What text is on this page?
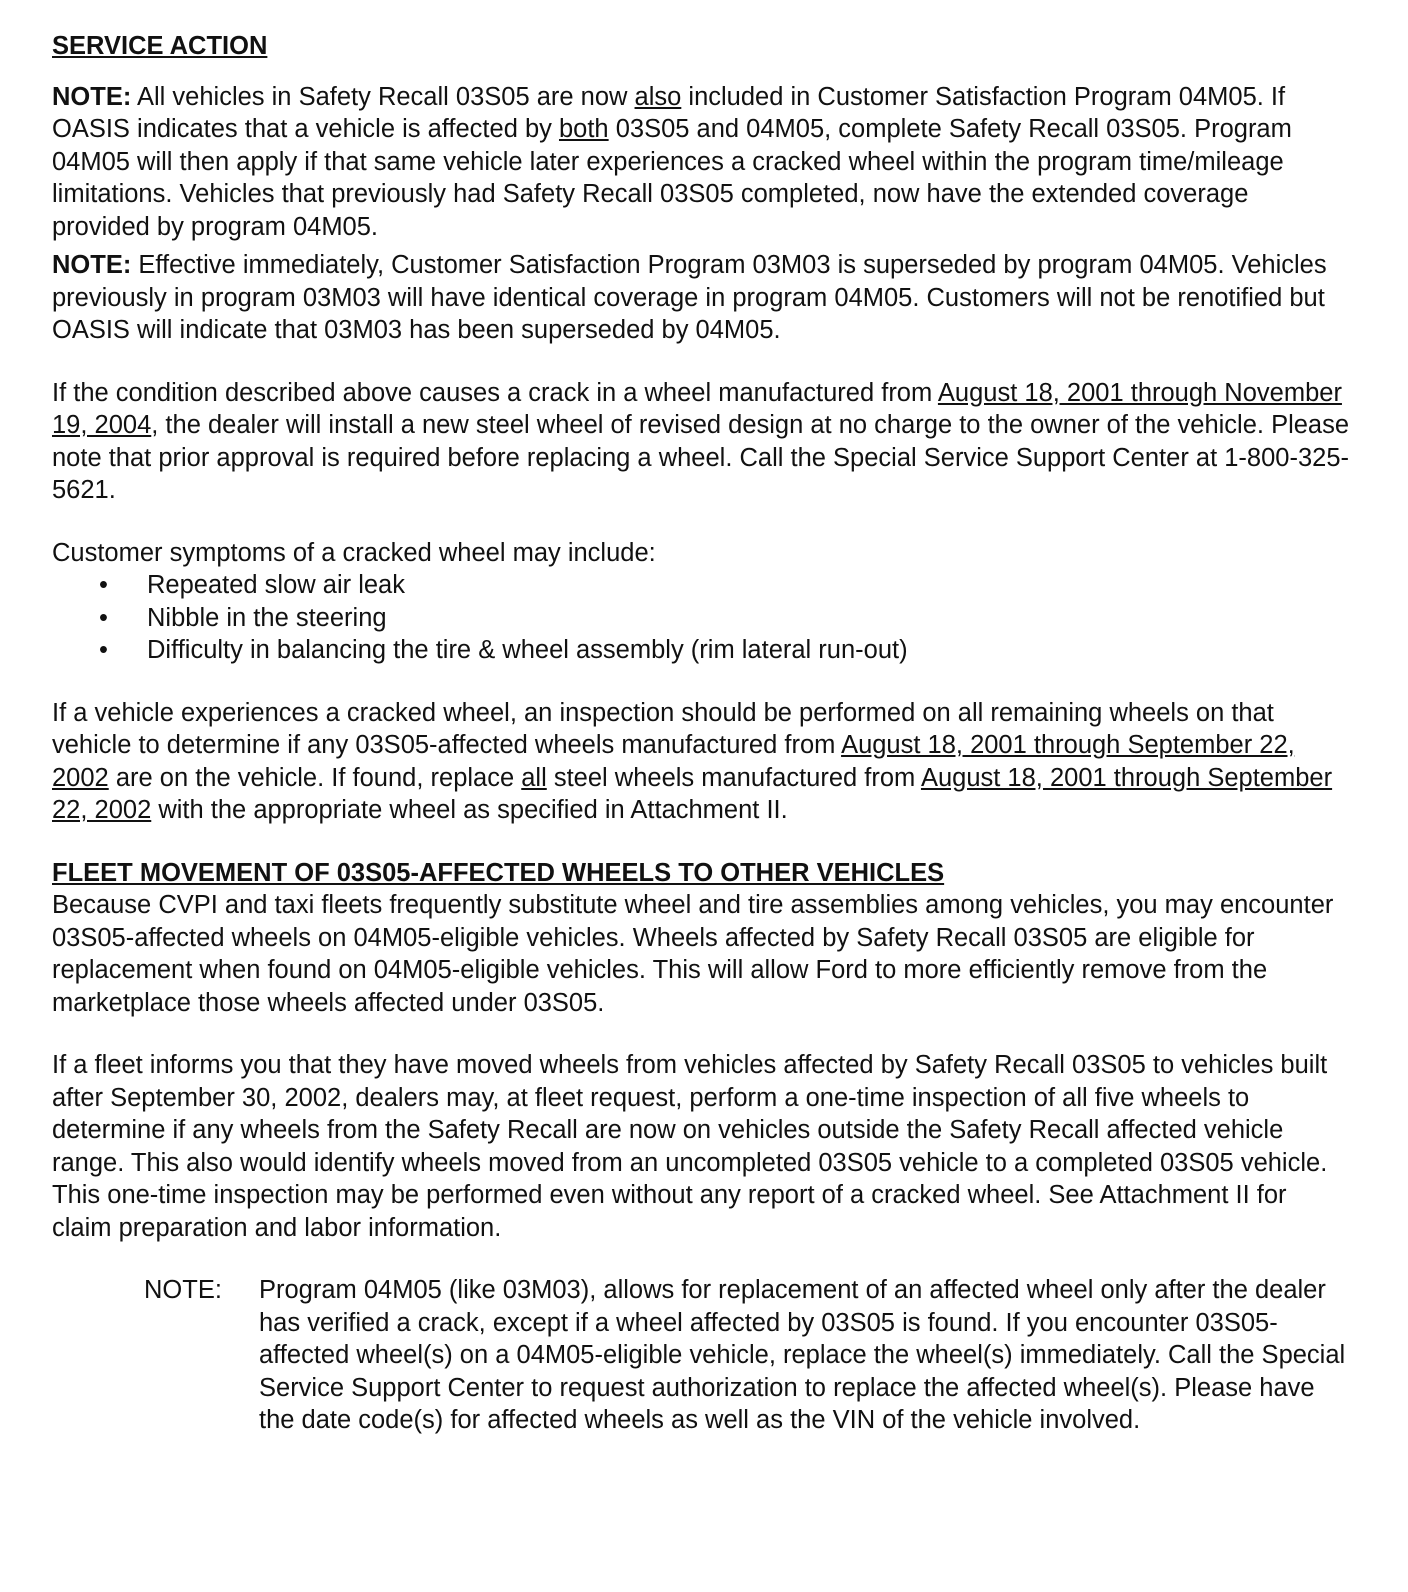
SERVICE ACTION

NOTE: All vehicles in Safety Recall 03S05 are now also included in Customer Satisfaction Program 04M05. If OASIS indicates that a vehicle is affected by both 03S05 and 04M05, complete Safety Recall 03S05. Program 04M05 will then apply if that same vehicle later experiences a cracked wheel within the program time/mileage limitations. Vehicles that previously had Safety Recall 03S05 completed, now have the extended coverage provided by program 04M05.

NOTE: Effective immediately, Customer Satisfaction Program 03M03 is superseded by program 04M05. Vehicles previously in program 03M03 will have identical coverage in program 04M05. Customers will not be renotified but OASIS will indicate that 03M03 has been superseded by 04M05.

If the condition described above causes a crack in a wheel manufactured from August 18, 2001 through November 19, 2004, the dealer will install a new steel wheel of revised design at no charge to the owner of the vehicle. Please note that prior approval is required before replacing a wheel. Call the Special Service Support Center at 1-800-325-5621.

Customer symptoms of a cracked wheel may include:

• Repeated slow air leak
• Nibble in the steering
• Difficulty in balancing the tire & wheel assembly (rim lateral run-out)

If a vehicle experiences a cracked wheel, an inspection should be performed on all remaining wheels on that vehicle to determine if any 03S05-affected wheels manufactured from August 18, 2001 through September 22, 2002 are on the vehicle. If found, replace all steel wheels manufactured from August 18, 2001 through September 22, 2002 with the appropriate wheel as specified in Attachment II.

FLEET MOVEMENT OF 03S05-AFFECTED WHEELS TO OTHER VEHICLES

Because CVPI and taxi fleets frequently substitute wheel and tire assemblies among vehicles, you may encounter 03S05-affected wheels on 04M05-eligible vehicles. Wheels affected by Safety Recall 03S05 are eligible for replacement when found on 04M05-eligible vehicles. This will allow Ford to more efficiently remove from the marketplace those wheels affected under 03S05.

If a fleet informs you that they have moved wheels from vehicles affected by Safety Recall 03S05 to vehicles built after September 30, 2002, dealers may, at fleet request, perform a one-time inspection of all five wheels to determine if any wheels from the Safety Recall are now on vehicles outside the Safety Recall affected vehicle range. This also would identify wheels moved from an uncompleted 03S05 vehicle to a completed 03S05 vehicle. This one-time inspection may be performed even without any report of a cracked wheel. See Attachment II for claim preparation and labor information.

NOTE:	Program 04M05 (like 03M03), allows for replacement of an affected wheel only after the dealer has verified a crack, except if a wheel affected by 03S05 is found. If you encounter 03S05-affected wheel(s) on a 04M05-eligible vehicle, replace the wheel(s) immediately. Call the Special Service Support Center to request authorization to replace the affected wheel(s). Please have the date code(s) for affected wheels as well as the VIN of the vehicle involved.
